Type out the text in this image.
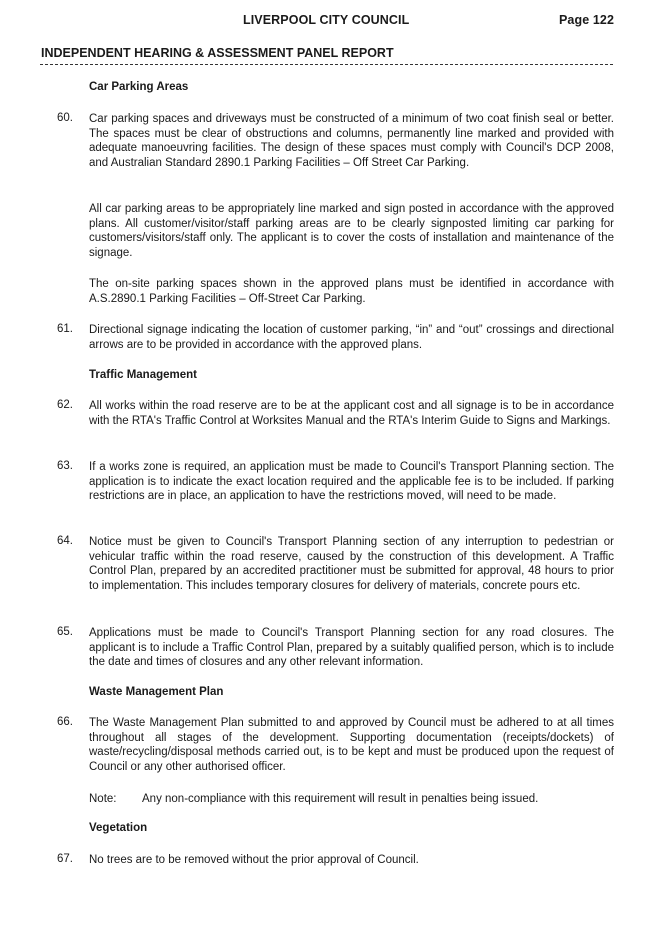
LIVERPOOL CITY COUNCIL	Page 122
INDEPENDENT HEARING & ASSESSMENT PANEL REPORT
Car Parking Areas
60. Car parking spaces and driveways must be constructed of a minimum of two coat finish seal or better. The spaces must be clear of obstructions and columns, permanently line marked and provided with adequate manoeuvring facilities. The design of these spaces must comply with Council's DCP 2008, and Australian Standard 2890.1 Parking Facilities – Off Street Car Parking.
All car parking areas to be appropriately line marked and sign posted in accordance with the approved plans. All customer/visitor/staff parking areas are to be clearly signposted limiting car parking for customers/visitors/staff only. The applicant is to cover the costs of installation and maintenance of the signage.
The on-site parking spaces shown in the approved plans must be identified in accordance with A.S.2890.1 Parking Facilities – Off-Street Car Parking.
61. Directional signage indicating the location of customer parking, “in” and “out” crossings and directional arrows are to be provided in accordance with the approved plans.
Traffic Management
62. All works within the road reserve are to be at the applicant cost and all signage is to be in accordance with the RTA's Traffic Control at Worksites Manual and the RTA's Interim Guide to Signs and Markings.
63. If a works zone is required, an application must be made to Council's Transport Planning section. The application is to indicate the exact location required and the applicable fee is to be included. If parking restrictions are in place, an application to have the restrictions moved, will need to be made.
64. Notice must be given to Council's Transport Planning section of any interruption to pedestrian or vehicular traffic within the road reserve, caused by the construction of this development. A Traffic Control Plan, prepared by an accredited practitioner must be submitted for approval, 48 hours to prior to implementation. This includes temporary closures for delivery of materials, concrete pours etc.
65. Applications must be made to Council's Transport Planning section for any road closures. The applicant is to include a Traffic Control Plan, prepared by a suitably qualified person, which is to include the date and times of closures and any other relevant information.
Waste Management Plan
66. The Waste Management Plan submitted to and approved by Council must be adhered to at all times throughout all stages of the development. Supporting documentation (receipts/dockets) of waste/recycling/disposal methods carried out, is to be kept and must be produced upon the request of Council or any other authorised officer.
Note: Any non-compliance with this requirement will result in penalties being issued.
Vegetation
67. No trees are to be removed without the prior approval of Council.
